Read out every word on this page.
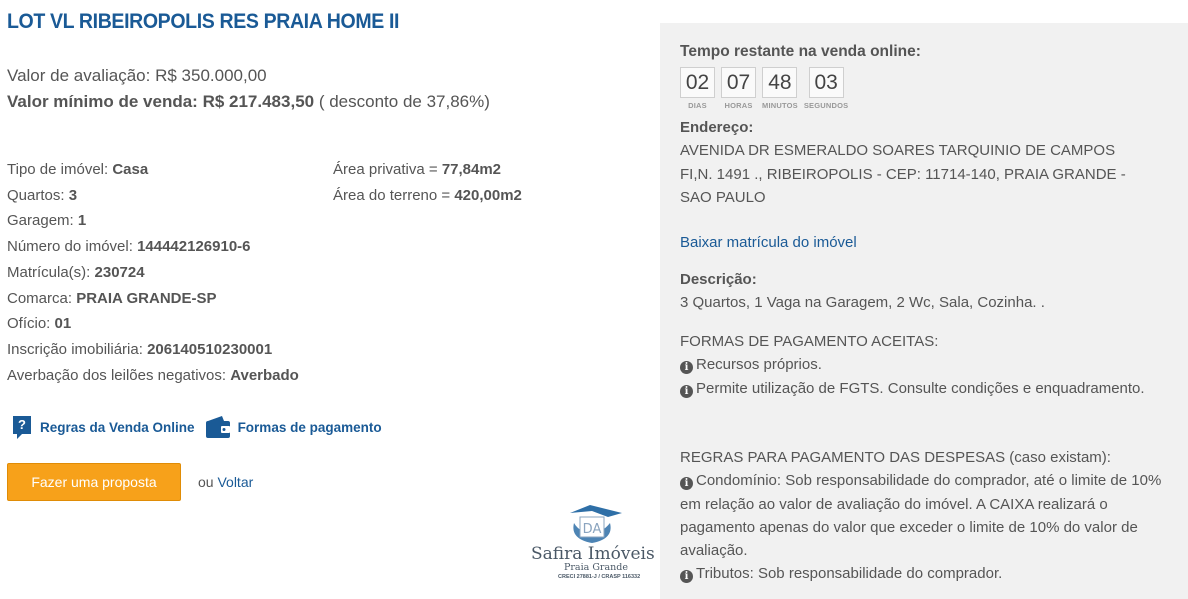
LOT VL RIBEIROPOLIS RES PRAIA HOME II
Valor de avaliação: R$ 350.000,00
Valor mínimo de venda: R$ 217.483,50 ( desconto de 37,86%)
Tipo de imóvel: Casa
Quartos: 3
Garagem: 1
Número do imóvel: 144442126910-6
Matrícula(s): 230724
Comarca: PRAIA GRANDE-SP
Ofício: 01
Inscrição imobiliária: 206140510230001
Averbação dos leilões negativos: Averbado
Área privativa = 77,84m2
Área do terreno = 420,00m2
? Regras da Venda Online	Formas de pagamento
Fazer uma proposta	ou Voltar
DA
Safira Imóveis
Praia Grande
CRECI 27881-J / CRASP 116332
Tempo restante na venda online:
02
DIAS
07
HORAS
48
MINUTOS
03
SEGUNDOS
Endereço:
AVENIDA DR ESMERALDO SOARES TARQUINIO DE CAMPOS
FI,N. 1491 ., RIBEIROPOLIS - CEP: 11714-140, PRAIA GRANDE -
SAO PAULO
Baixar matrícula do imóvel
Descrição:
3 Quartos, 1 Vaga na Garagem, 2 Wc, Sala, Cozinha. .
FORMAS DE PAGAMENTO ACEITAS:
i Recursos próprios.
i Permite utilização de FGTS. Consulte condições e enquadramento.
REGRAS PARA PAGAMENTO DAS DESPESAS (caso existam):
i Condomínio: Sob responsabilidade do comprador, até o limite de 10% em relação ao valor de avaliação do imóvel. A CAIXA realizará o pagamento apenas do valor que exceder o limite de 10% do valor de avaliação.
i Tributos: Sob responsabilidade do comprador.
